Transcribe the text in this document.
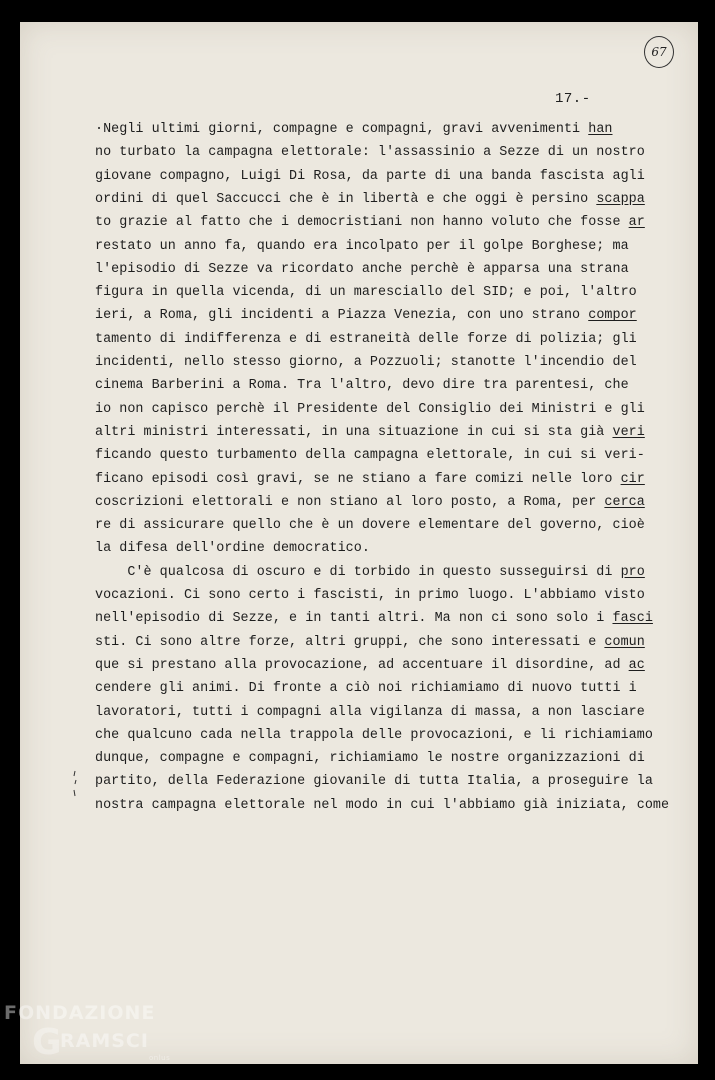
67
17.-
·Negli ultimi giorni, compagne e compagni, gravi avvenimenti han
no turbato la campagna elettorale: l'assassinio a Sezze di un nostro
giovane compagno, Luigi Di Rosa, da parte di una banda fascista agli
ordini di quel Saccucci che è in libertà e che oggi è persino scappa
to grazie al fatto che i democristiani non hanno voluto che fosse ar
restato un anno fa, quando era incolpato per il golpe Borghese; ma
l'episodio di Sezze va ricordato anche perchè è apparsa una strana
figura in quella vicenda, di un maresciallo del SID; e poi, l'altro
ieri, a Roma, gli incidenti a Piazza Venezia, con uno strano compor
tamento di indifferenza e di estraneità delle forze di polizia; gli
incidenti, nello stesso giorno, a Pozzuoli; stanotte l'incendio del
cinema Barberini a Roma. Tra l'altro, devo dire tra parentesi, che
io non capisco perchè il Presidente del Consiglio dei Ministri e gli
altri ministri interessati, in una situazione in cui si sta già veri
ficando questo turbamento della campagna elettorale, in cui si veri-
ficano episodi così gravi, se ne stiano a fare comizi nelle loro cir
coscrizioni elettorali e non stiano al loro posto, a Roma, per cerca
re di assicurare quello che è un dovere elementare del governo, cioè
la difesa dell'ordine democratico.
C'è qualcosa di oscuro e di torbido in questo susseguirsi di pro
vocazioni. Ci sono certo i fascisti, in primo luogo. L'abbiamo visto
nell'episodio di Sezze, e in tanti altri. Ma non ci sono solo i fasci
sti. Ci sono altre forze, altri gruppi, che sono interessati e comun
que si prestano alla provocazione, ad accentuare il disordine, ad ac
cendere gli animi. Di fronte a ciò noi richiamiamo di nuovo tutti i
lavoratori, tutti i compagni alla vigilanza di massa, a non lasciare
che qualcuno cada nella trappola delle provocazioni, e li richiamiamo
dunque, compagne e compagni, richiamiamo le nostre organizzazioni di
partito, della Federazione giovanile di tutta Italia, a proseguire la
nostra campagna elettorale nel modo in cui l'abbiamo già iniziata, come
FONDAZIONE
G
RAMSCI
onlus
